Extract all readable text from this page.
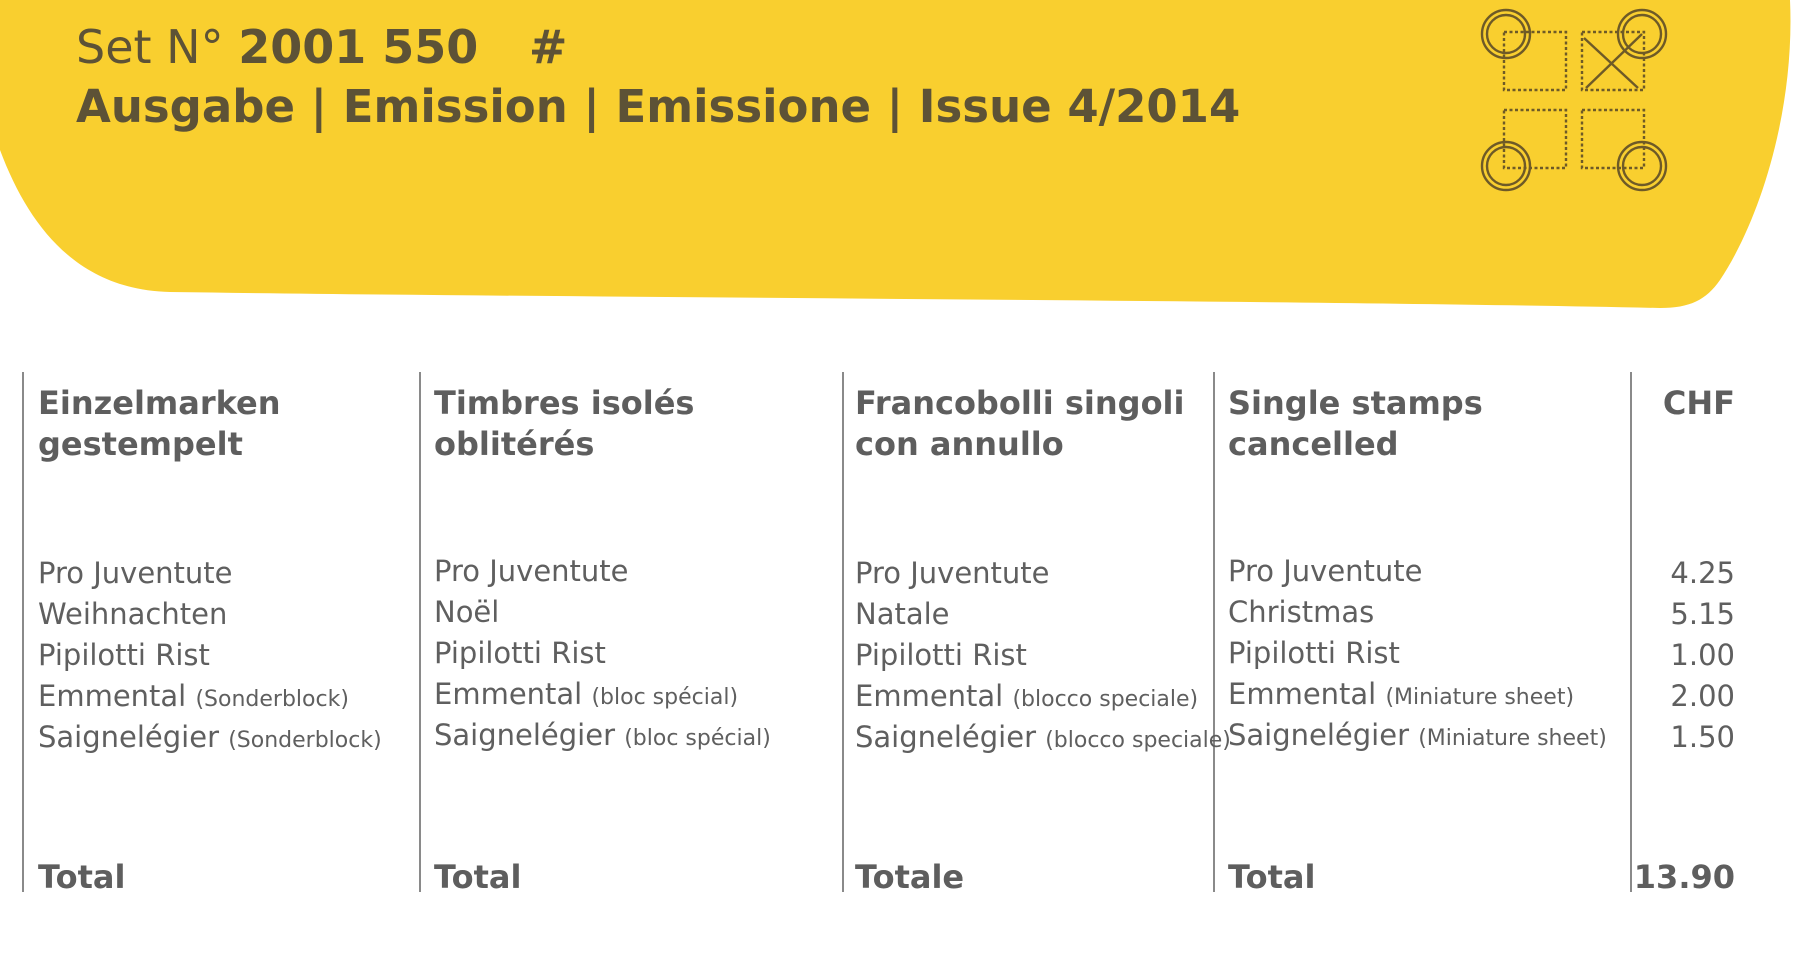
Set N° 2001 550 #
Ausgabe | Emission | Emissione | Issue 4/2014
Einzelmarken
gestempelt
Pro Juventute
Weihnachten
Pipilotti Rist
Emmental (Sonderblock)
Saignelégier (Sonderblock)
Total
Timbres isolés
oblitérés
Pro Juventute
Noël
Pipilotti Rist
Emmental (bloc spécial)
Saignelégier (bloc spécial)
Total
Francobolli singoli
con annullo
Pro Juventute
Natale
Pipilotti Rist
Emmental (blocco speciale)
Saignelégier (blocco speciale)
Totale
Single stamps
cancelled
Pro Juventute
Christmas
Pipilotti Rist
Emmental (Miniature sheet)
Saignelégier (Miniature sheet)
Total
CHF
4.25
5.15
1.00
2.00
1.50
13.90
